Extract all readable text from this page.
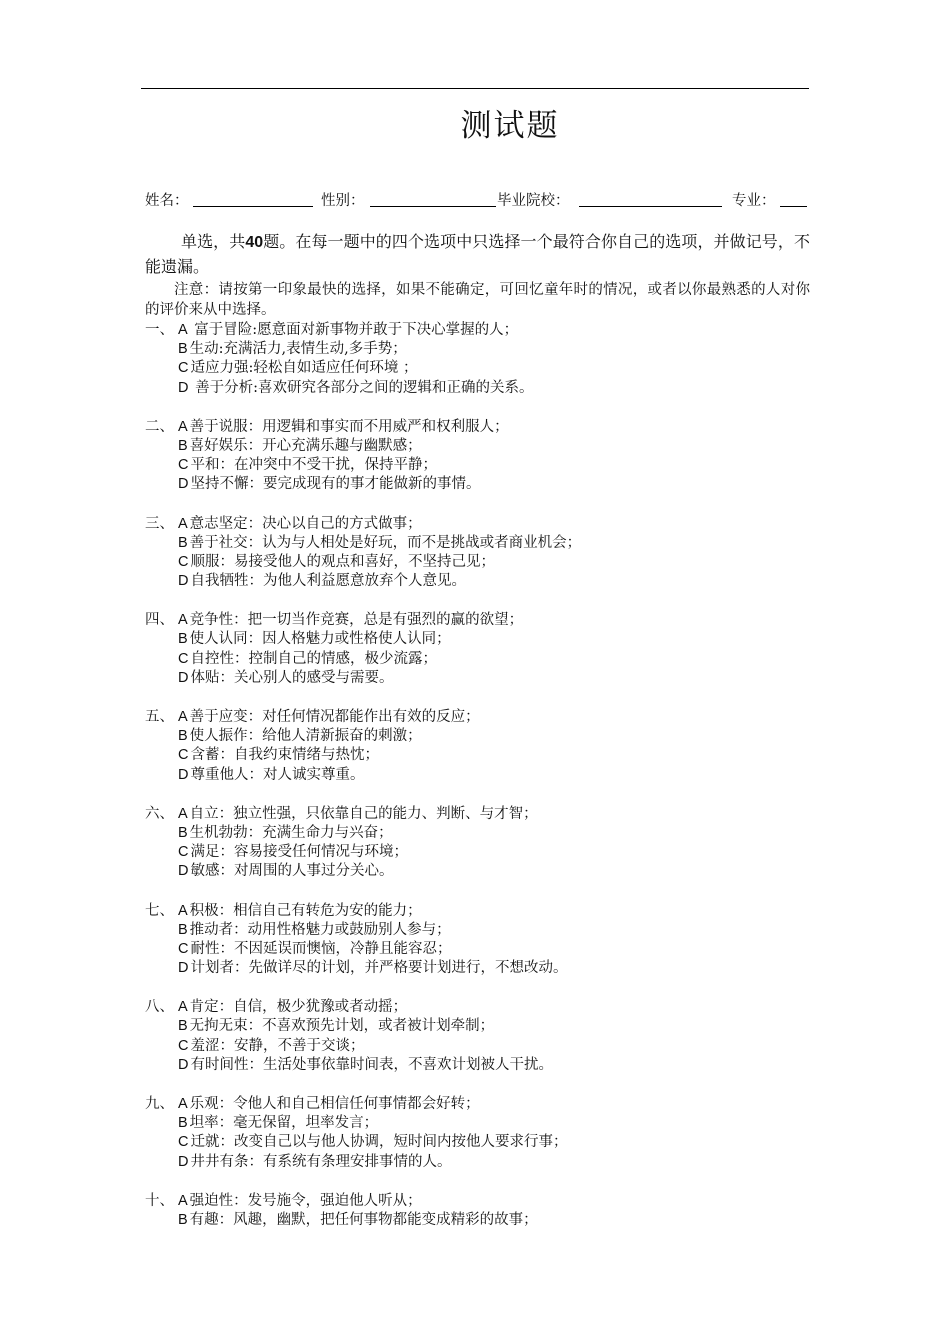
测试题
姓名：	性别：	毕业院校：	专业：
单选，共40题。在每一题中的四个选项中只选择一个最符合你自己的选项，并做记号，不能遗漏。
注意：请按第一印象最快的选择，如果不能确定，可回忆童年时的情况，或者以你最熟悉的人对你的评价来从中选择。
一、 A 富于冒险:愿意面对新事物并敢于下决心掌握的人；
B 生动:充满活力,表情生动,多手势；
C 适应力强:轻松自如适应任何环境 ；
D 善于分析:喜欢研究各部分之间的逻辑和正确的关系。
二、 A 善于说服：用逻辑和事实而不用威严和权利服人；
B 喜好娱乐：开心充满乐趣与幽默感；
C 平和：在冲突中不受干扰，保持平静；
D 坚持不懈：要完成现有的事才能做新的事情。
三、 A 意志坚定：决心以自己的方式做事；
B 善于社交：认为与人相处是好玩，而不是挑战或者商业机会；
C 顺服：易接受他人的观点和喜好，不坚持己见；
D 自我牺牲：为他人利益愿意放弃个人意见。
四、 A 竞争性：把一切当作竞赛，总是有强烈的赢的欲望；
B 使人认同：因人格魅力或性格使人认同；
C 自控性：控制自己的情感，极少流露；
D 体贴：关心别人的感受与需要。
五、 A 善于应变：对任何情况都能作出有效的反应；
B 使人振作：给他人清新振奋的刺激；
C 含蓄：自我约束情绪与热忱；
D 尊重他人：对人诚实尊重。
六、 A 自立：独立性强，只依靠自己的能力、判断、与才智；
B 生机勃勃：充满生命力与兴奋；
C 满足：容易接受任何情况与环境；
D 敏感：对周围的人事过分关心。
七、 A 积极：相信自己有转危为安的能力；
B 推动者：动用性格魅力或鼓励别人参与；
C 耐性：不因延误而懊恼，冷静且能容忍；
D 计划者：先做详尽的计划，并严格要计划进行，不想改动。
八、 A 肯定：自信，极少犹豫或者动摇；
B 无拘无束：不喜欢预先计划，或者被计划牵制；
C 羞涩：安静，不善于交谈；
D 有时间性：生活处事依靠时间表，不喜欢计划被人干扰。
九、 A 乐观：令他人和自己相信任何事情都会好转；
B 坦率：毫无保留，坦率发言；
C 迁就：改变自己以与他人协调，短时间内按他人要求行事；
D 井井有条：有系统有条理安排事情的人。
十、 A 强迫性：发号施令，强迫他人听从；
B 有趣：风趣，幽默，把任何事物都能变成精彩的故事；
